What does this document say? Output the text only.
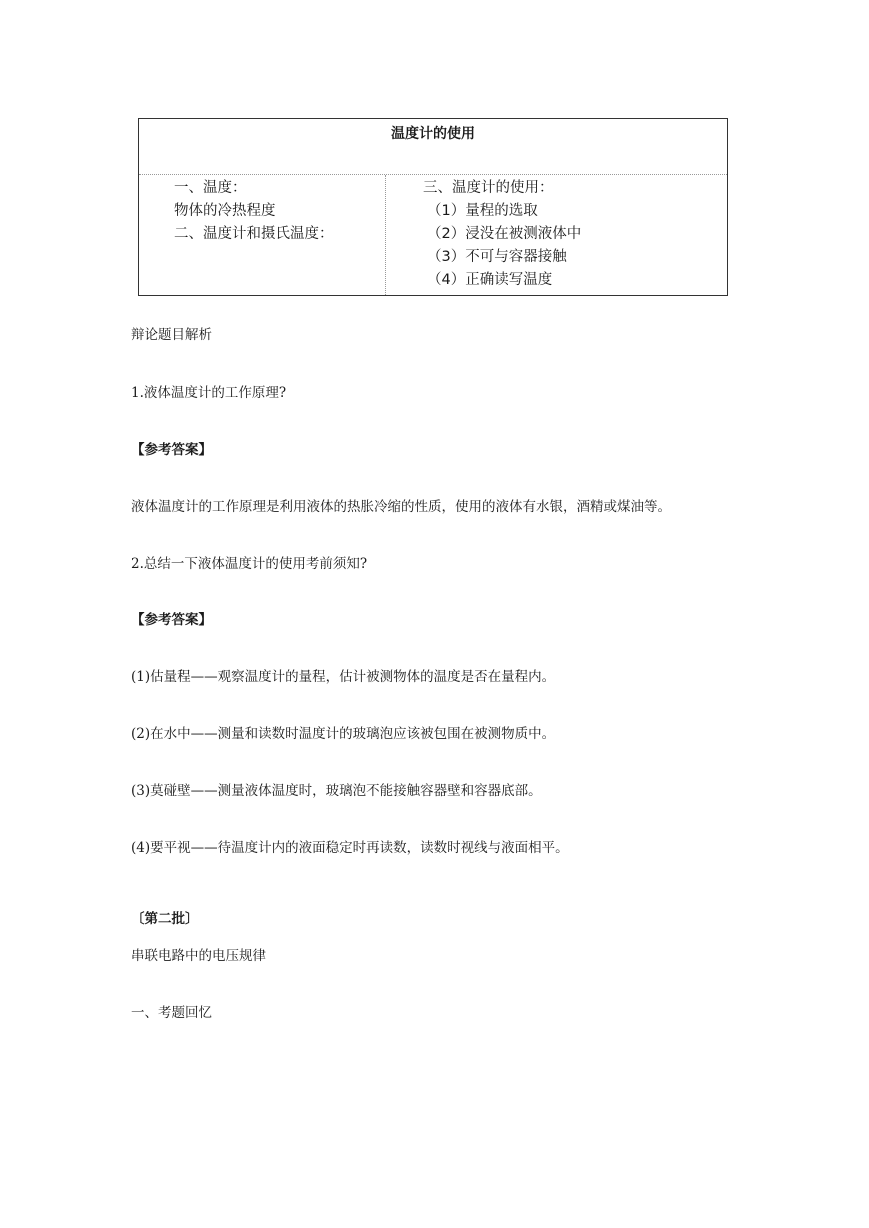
温度计的使用
一、温度：
物体的冷热程度
二、温度计和摄氏温度：
三、温度计的使用：
（1）量程的选取
（2）浸没在被测液体中
（3）不可与容器接触
（4）正确读写温度
辩论题目解析
1.液体温度计的工作原理?
【参考答案】
液体温度计的工作原理是利用液体的热胀冷缩的性质，使用的液体有水银，酒精或煤油等。
2.总结一下液体温度计的使用考前须知?
【参考答案】
(1)估量程——观察温度计的量程，估计被测物体的温度是否在量程内。
(2)在水中——测量和读数时温度计的玻璃泡应该被包围在被测物质中。
(3)莫碰壁——测量液体温度时，玻璃泡不能接触容器壁和容器底部。
(4)要平视——待温度计内的液面稳定时再读数，读数时视线与液面相平。
〔第二批〕
串联电路中的电压规律
一、考题回忆
